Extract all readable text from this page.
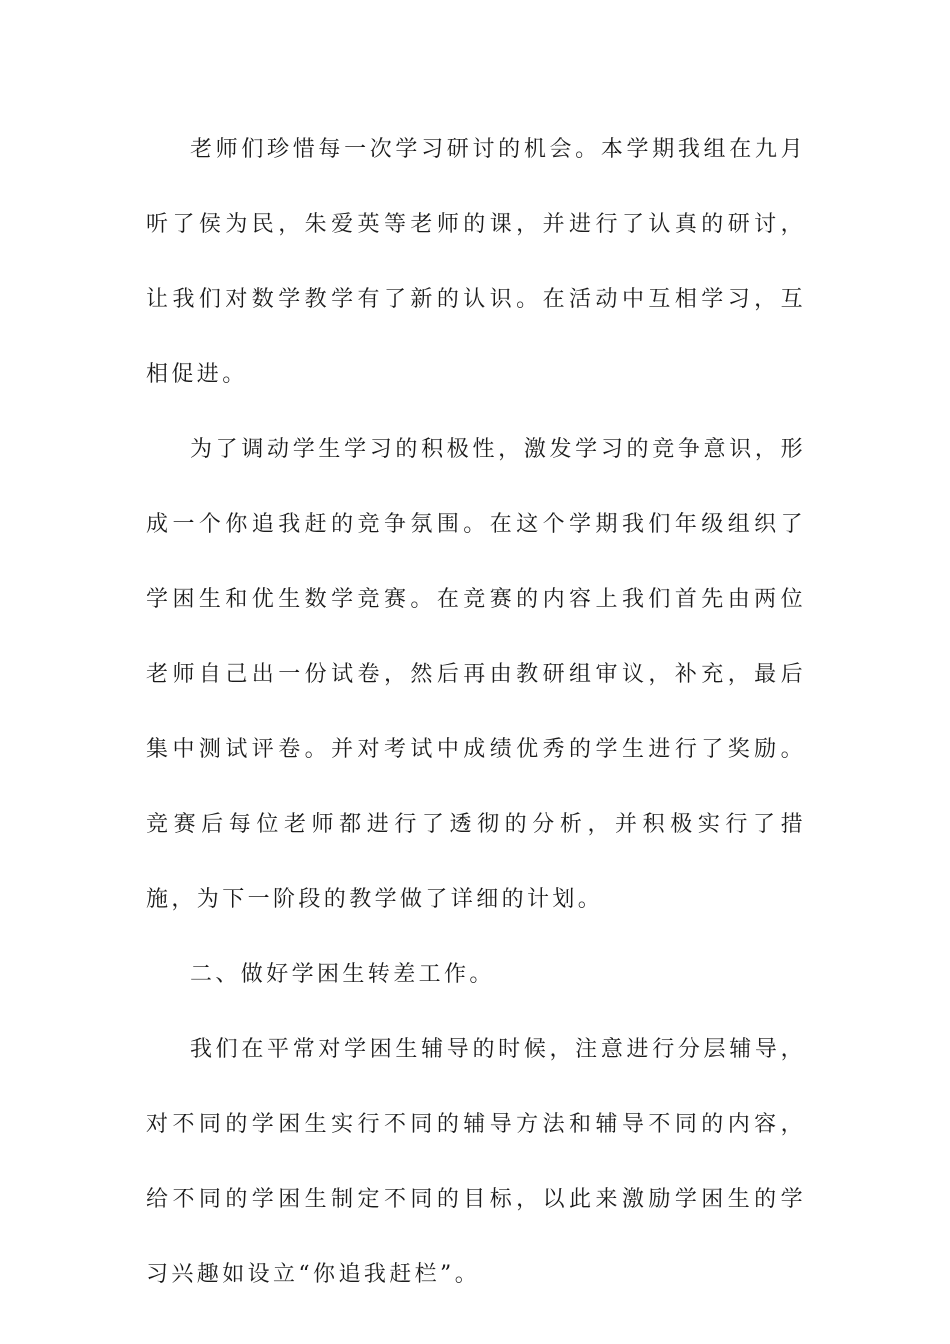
老师们珍惜每一次学习研讨的机会。本学期我组在九月听了侯为民，朱爱英等老师的课，并进行了认真的研讨，让我们对数学教学有了新的认识。在活动中互相学习，互相促进。

为了调动学生学习的积极性，激发学习的竞争意识，形成一个你追我赶的竞争氛围。在这个学期我们年级组织了学困生和优生数学竞赛。在竞赛的内容上我们首先由两位老师自己出一份试卷，然后再由教研组审议，补充，最后集中测试评卷。并对考试中成绩优秀的学生进行了奖励。竞赛后每位老师都进行了透彻的分析，并积极实行了措施，为下一阶段的教学做了详细的计划。

二、做好学困生转差工作。

我们在平常对学困生辅导的时候，注意进行分层辅导，对不同的学困生实行不同的辅导方法和辅导不同的内容，给不同的学困生制定不同的目标，以此来激励学困生的学习兴趣如设立“你追我赶栏”。
